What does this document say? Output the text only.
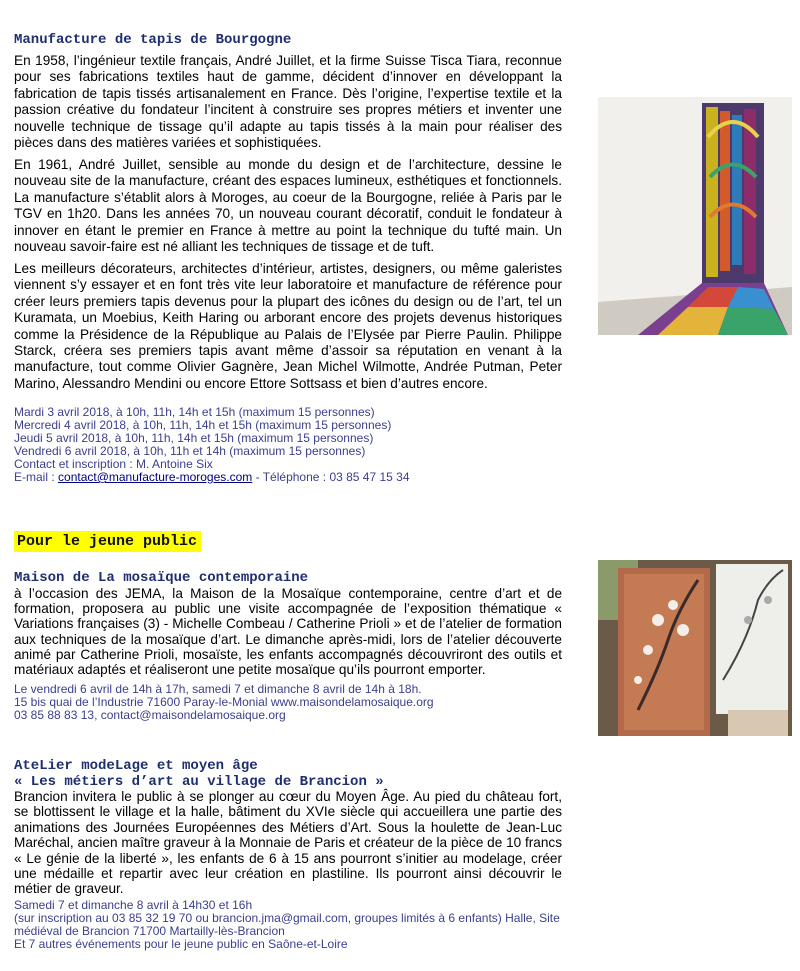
Manufacture de tapis de Bourgogne

En 1958, l’ingénieur textile français, André Juillet, et la firme Suisse Tisca Tiara, reconnue pour ses fabrications textiles haut de gamme, décident d’innover en développant la fabrication de tapis tissés artisanalement en France. Dès l’origine, l’expertise textile et la passion créative du fondateur l’incitent à construire ses propres métiers et inventer une nouvelle technique de tissage qu’il adapte au tapis tissés à la main pour réaliser des pièces dans des matières variées et sophistiquées.

En 1961, André Juillet, sensible au monde du design et de l’architecture, dessine le nouveau site de la manufacture, créant des espaces lumineux, esthétiques et fonctionnels. La manufacture s’établit alors à Moroges, au coeur de la Bourgogne, reliée à Paris par le TGV en 1h20. Dans les années 70, un nouveau courant décoratif, conduit le fondateur à innover en étant le premier en France à mettre au point la technique du tufté main. Un nouveau savoir-faire est né alliant les techniques de tissage et de tuft.

Les meilleurs décorateurs, architectes d’intérieur, artistes, designers, ou même galeristes viennent s’y essayer et en font très vite leur laboratoire et manufacture de référence pour créer leurs premiers tapis devenus pour la plupart des icônes du design ou de l’art, tel un Kuramata, un Moebius, Keith Haring ou arborant encore des projets devenus historiques comme la Présidence de la République au Palais de l’Elysée par Pierre Paulin. Philippe Starck, créera ses premiers tapis avant même d’assoir sa réputation en venant à la manufacture, tout comme Olivier Gagnère, Jean Michel Wilmotte, Andrée Putman, Peter Marino, Alessandro Mendini ou encore Ettore Sottsass et bien d’autres encore.

Mardi 3 avril 2018, à 10h, 11h, 14h et 15h (maximum 15 personnes)
Mercredi 4 avril 2018, à 10h, 11h, 14h et 15h (maximum 15 personnes)
Jeudi 5 avril 2018, à 10h, 11h, 14h et 15h (maximum 15 personnes)
Vendredi 6 avril 2018, à 10h, 11h et 14h (maximum 15 personnes)
Contact et inscription : M. Antoine Six
E-mail : contact@manufacture-moroges.com - Téléphone : 03 85 47 15 34
Pour le jeune public
Maison de La mosaïque contemporaine

à l’occasion des JEMA, la Maison de la Mosaïque contemporaine, centre d’art et de formation, proposera au public une visite accompagnée de l’exposition thématique « Variations françaises (3) - Michelle Combeau / Catherine Prioli » et de l’atelier de formation aux techniques de la mosaïque d’art. Le dimanche après-midi, lors de l’atelier découverte animé par Catherine Prioli, mosaïste, les enfants accompagnés découvriront des outils et matériaux adaptés et réaliseront une petite mosaïque qu’ils pourront emporter.

Le vendredi 6 avril de 14h à 17h, samedi 7 et dimanche 8 avril de 14h à 18h.
15 bis quai de l’Industrie 71600 Paray-le-Monial www.maisondelamosaique.org
03 85 88 83 13, contact@maisondelamosaique.org
AteLier modeLage et moyen âge
« Les métiers d’art au village de Brancion »

Brancion invitera le public à se plonger au cœur du Moyen Âge. Au pied du château fort, se blottissent le village et la halle, bâtiment du XVIe siècle qui accueillera une partie des animations des Journées Européennes des Métiers d’Art. Sous la houlette de Jean-Luc Maréchal, ancien maître graveur à la Monnaie de Paris et créateur de la pièce de 10 francs « Le génie de la liberté », les enfants de 6 à 15 ans pourront s’initier au modelage, créer une médaille et repartir avec leur création en plastiline. Ils pourront ainsi découvrir le métier de graveur.

Samedi 7 et dimanche 8 avril à 14h30 et 16h
(sur inscription au 03 85 32 19 70 ou brancion.jma@gmail.com, groupes limités à 6 enfants) Halle, Site
médiéval de Brancion 71700 Martailly-lès-Brancion
Et 7 autres événements pour le jeune public en Saône-et-Loire
